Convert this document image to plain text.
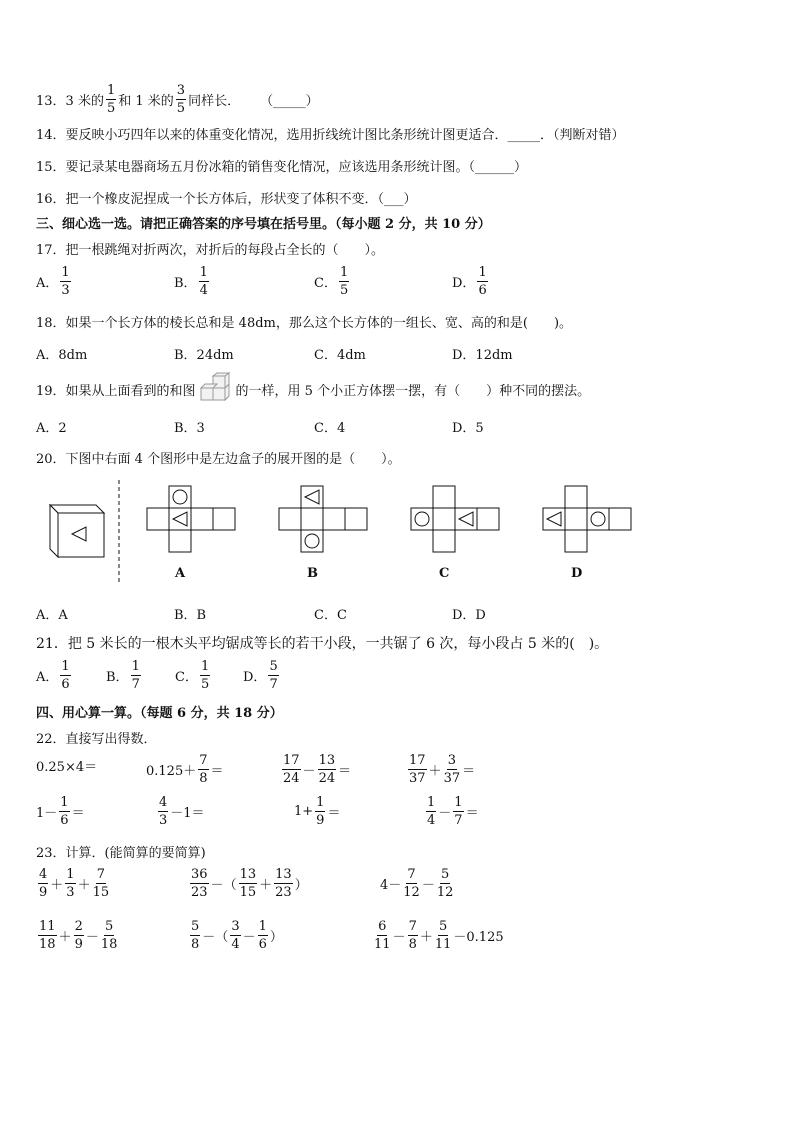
13． 3 米的 $\frac{1}{5}$ 和 1 米的 $\frac{3}{5}$ 同样长． （_____）
14．要反映小巧四年以来的体重变化情况，选用折线统计图比条形统计图更适合．_____．（判断对错）
15．要记录某电器商场五月份冰箱的销售变化情况，应该选用条形统计图。（______）
16．把一个橡皮泥捏成一个长方体后，形状变了体积不变．（___）
三、细心选一选。请把正确答案的序号填在括号里。（每小题 2 分，共 10 分）
17．把一根跳绳对折两次，对折后的每段占全长的（　　）。
A． $\frac{1}{3}$	B． $\frac{1}{4}$	C． $\frac{1}{5}$	D． $\frac{1}{6}$
18．如果一个长方体的棱长总和是 48dm，那么这个长方体的一组长、宽、高的和是(　　)。
A．8dm	B．24dm	C．4dm	D．12dm
19．如果从上面看到的和图	的一样，用 5 个小正方体摆一摆，有（　　）种不同的摆法。
A．2	B．3	C．4	D．5
20．下图中右面 4 个图形中是左边盒子的展开图的是（　　）。
A	B	C	D
A．A	B．B	C．C	D．D
21．把 5 米长的一根木头平均锯成等长的若干小段，一共锯了 6 次，每小段占 5 米的(　)。
A． $\frac{1}{6}$	B． $\frac{1}{7}$	C． $\frac{1}{5}$	D． $\frac{5}{7}$
四、用心算一算。（每题 6 分，共 18 分）
22．直接写出得数．
0.25×4＝	$0.125+ \frac{7}{8}$ ＝	$\frac{17}{24} - \frac{13}{24}$ ＝	$\frac{17}{37} + \frac{3}{37}$ ＝
$1- \frac{1}{6}$ ＝	$\frac{4}{3} -1=$	$1+ \frac{1}{9}$ ＝	$\frac{1}{4} - \frac{1}{7}$ ＝
23．计算．(能简算的要简算)
$\frac{4}{9} + \frac{1}{3} + \frac{7}{15}$	$\frac{36}{23}$ － （ $\frac{13}{15} + \frac{13}{23}$ ）	$4- \frac{7}{12} - \frac{5}{12}$
$\frac{11}{18} + \frac{2}{9} - \frac{5}{18}$	$\frac{5}{8}$ － （ $\frac{3}{4} - \frac{1}{6}$ ）	$\frac{6}{11} - \frac{7}{8} + \frac{5}{11} -0.125$
